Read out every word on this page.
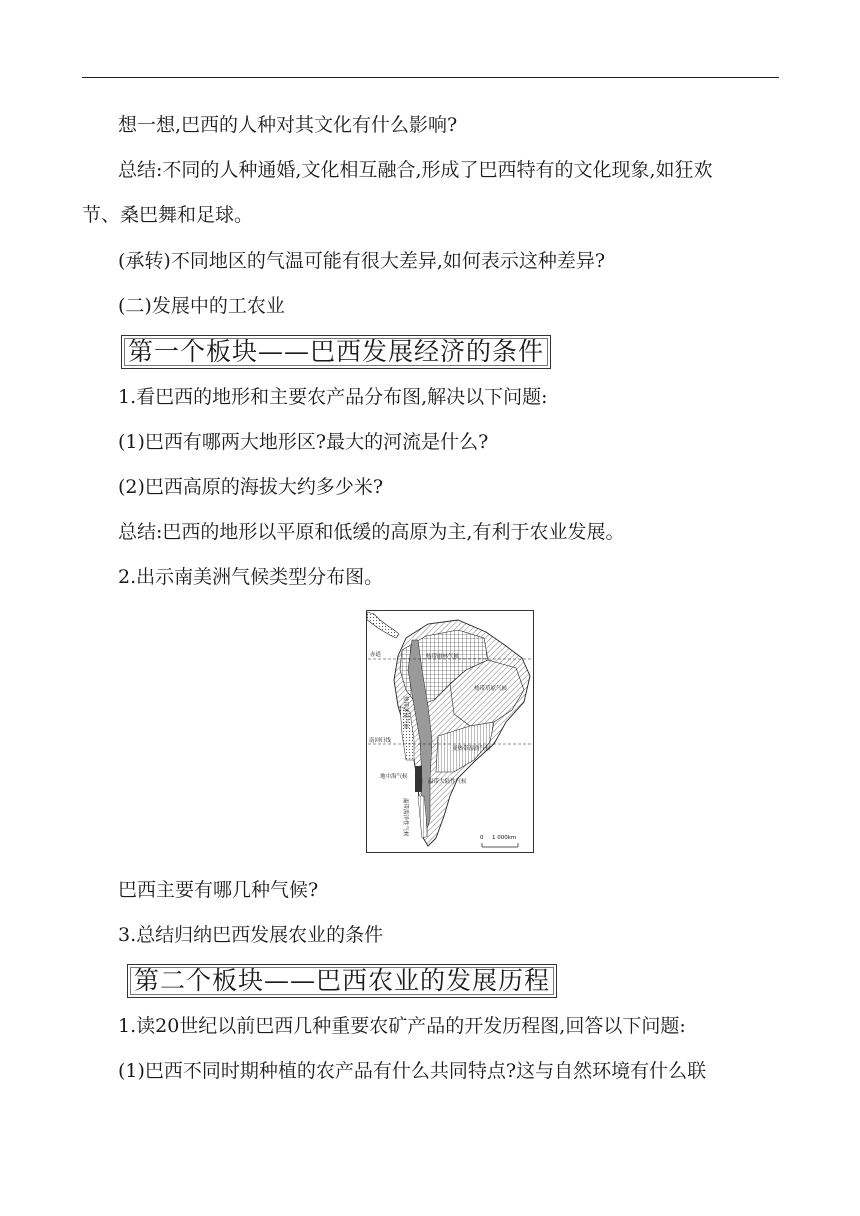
想一想,巴西的人种对其文化有什么影响?
总结:不同的人种通婚,文化相互融合,形成了巴西特有的文化现象,如狂欢
节、桑巴舞和足球。
(承转)不同地区的气温可能有很大差异,如何表示这种差异?
(二)发展中的工农业
第一个板块——巴西发展经济的条件
1.看巴西的地形和主要农产品分布图,解决以下问题:
(1)巴西有哪两大地形区?最大的河流是什么?
(2)巴西高原的海拔大约多少米?
总结:巴西的地形以平原和低缓的高原为主,有利于农业发展。
2.出示南美洲气候类型分布图。
赤道
南回归线
热带雨林气候
热带草原气候
热带沙漠气候
亚热带湿润气候
地中海气候
温带大陆性气候
温带海洋性气候
0 1 000km
巴西主要有哪几种气候?
3.总结归纳巴西发展农业的条件
第二个板块——巴西农业的发展历程
1.读20世纪以前巴西几种重要农矿产品的开发历程图,回答以下问题:
(1)巴西不同时期种植的农产品有什么共同特点?这与自然环境有什么联
